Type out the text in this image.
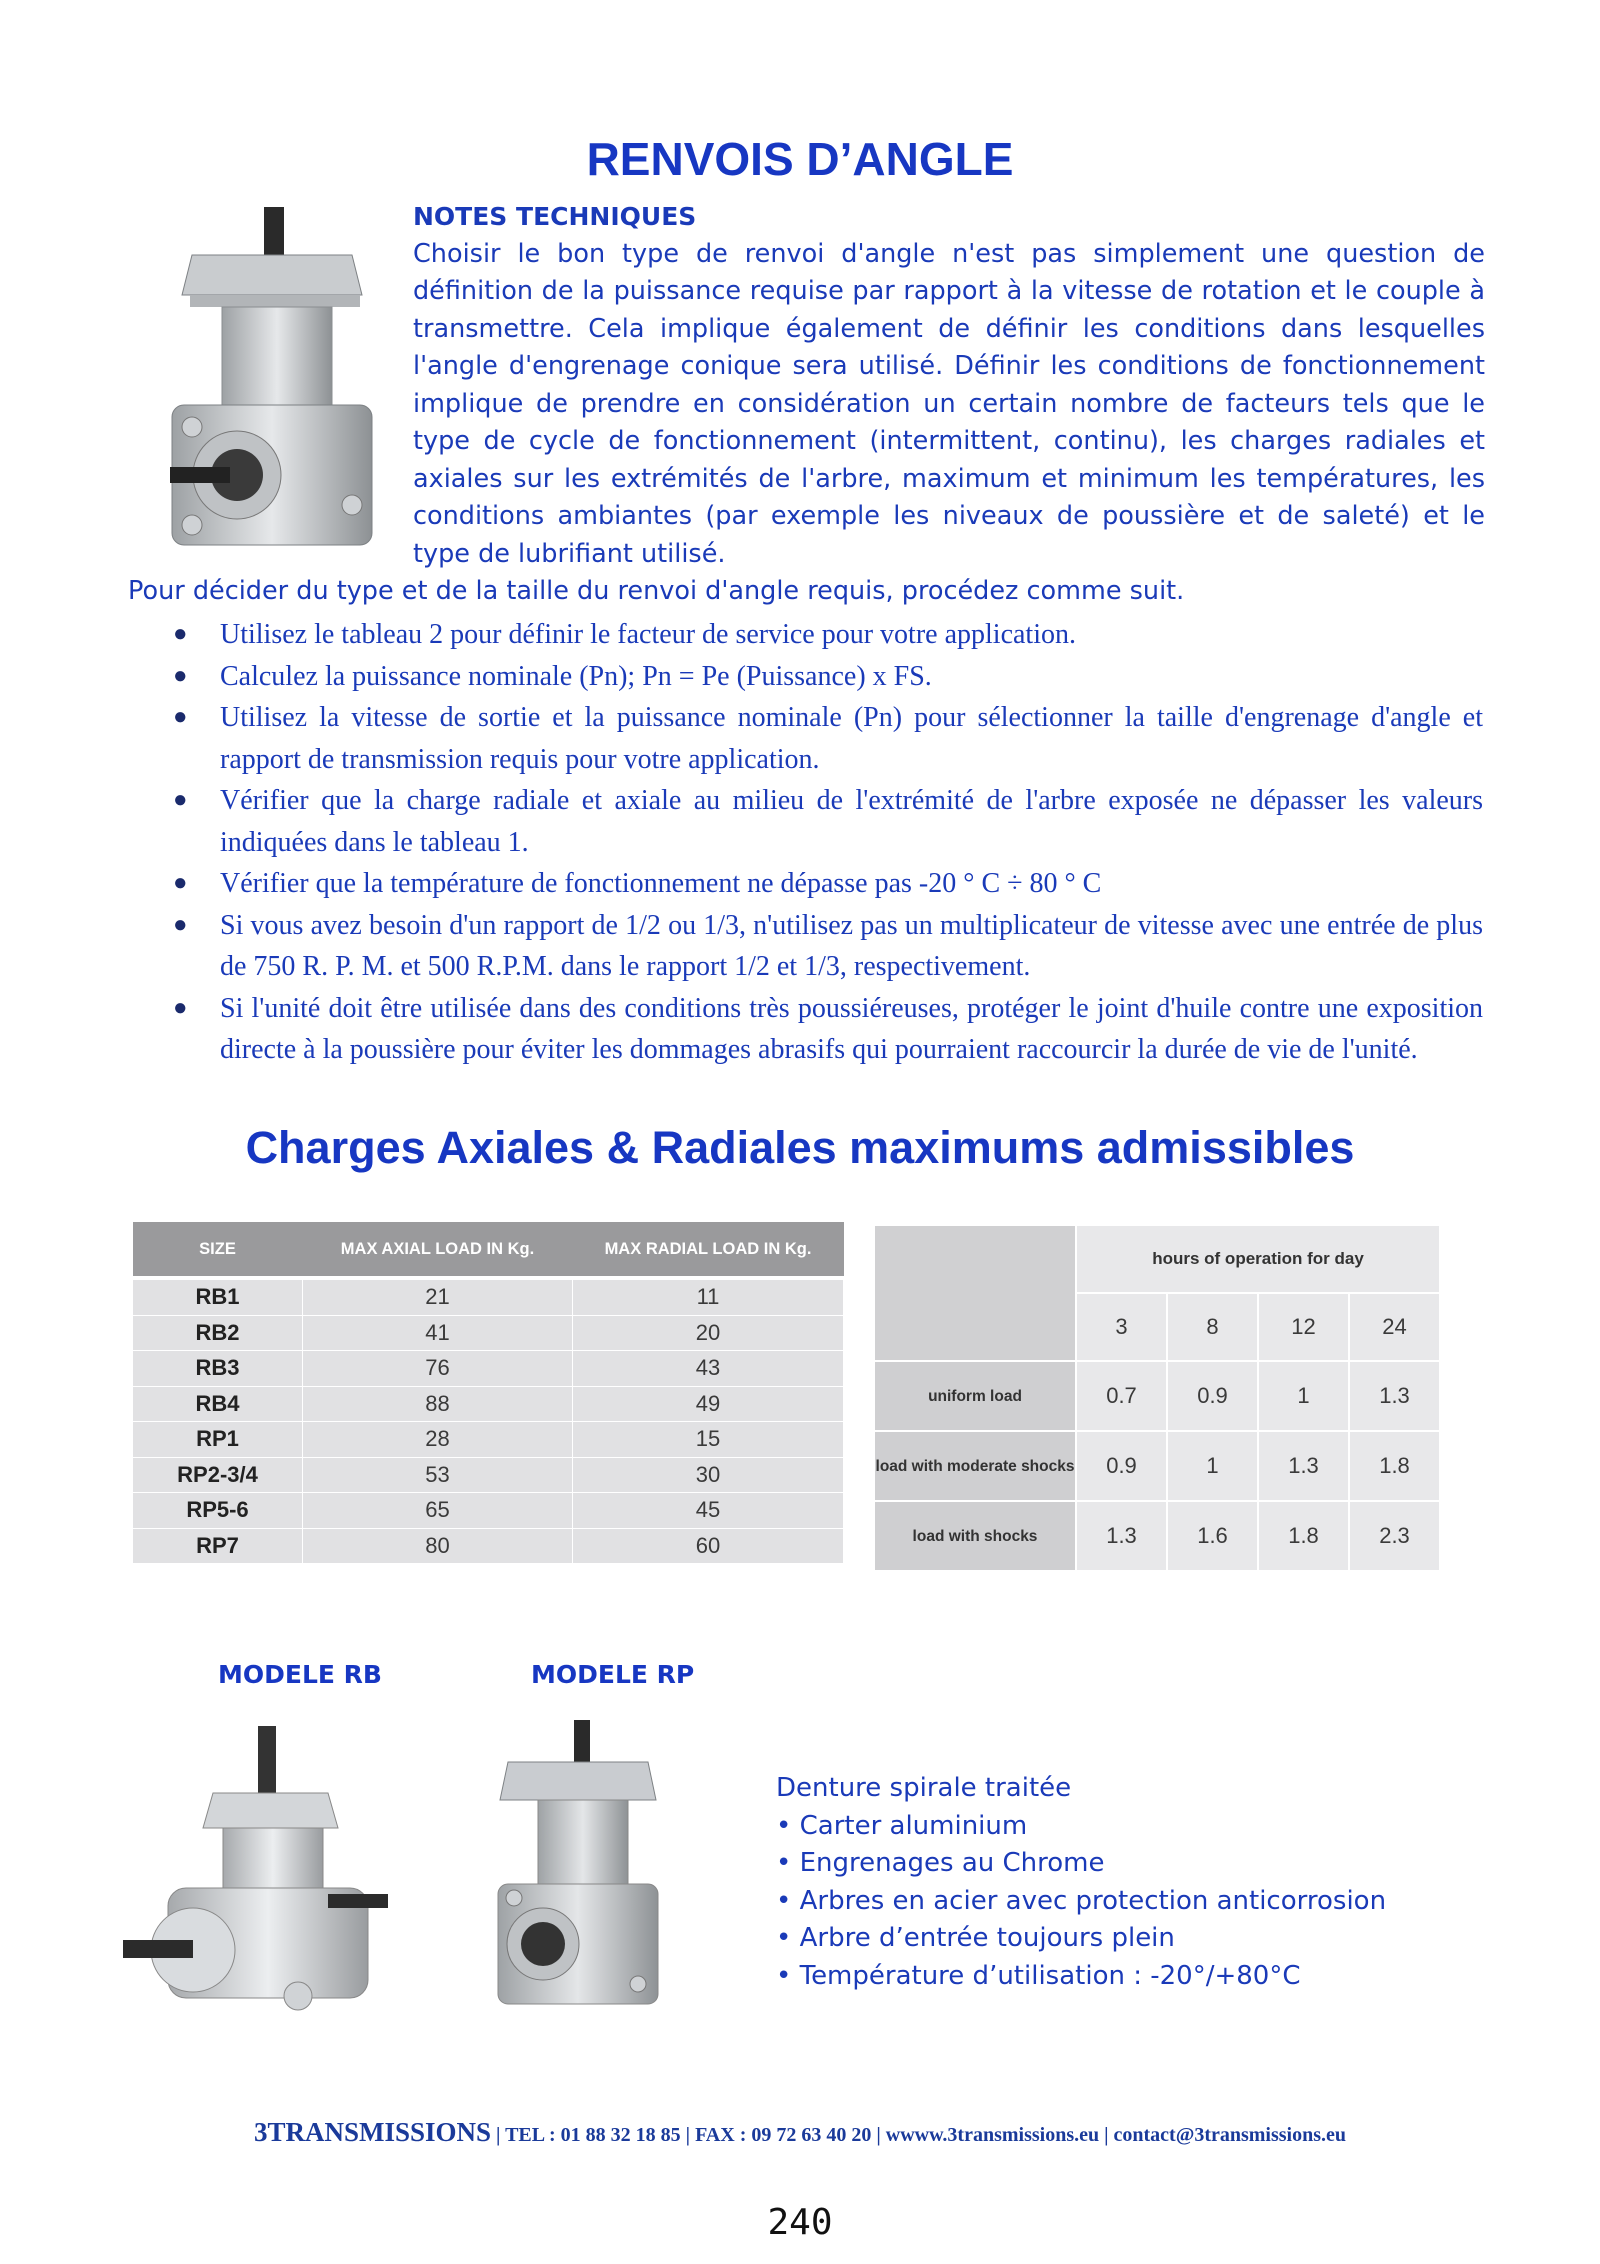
RENVOIS D’ANGLE
NOTES TECHNIQUES
Choisir le bon type de renvoi d'angle n'est pas simplement une question de définition de la puissance requise par rapport à la vitesse de rotation et le couple à transmettre. Cela implique également de définir les conditions dans lesquelles l'angle d'engrenage conique sera utilisé. Définir les conditions de fonctionnement implique de prendre en considération un certain nombre de facteurs tels que le type de cycle de fonctionnement (intermittent, continu), les charges radiales et axiales sur les extrémités de l'arbre, maximum et minimum les températures, les conditions ambiantes (par exemple les niveaux de poussière et de saleté) et le type de lubrifiant utilisé.
Pour décider du type et de la taille du renvoi d'angle requis, procédez comme suit.
● Utilisez le tableau 2 pour définir le facteur de service pour votre application.
● Calculez la puissance nominale (Pn); Pn = Pe (Puissance) x FS.
● Utilisez la vitesse de sortie et la puissance nominale (Pn) pour sélectionner la taille d'engrenage d'angle et rapport de transmission requis pour votre application.
● Vérifier que la charge radiale et axiale au milieu de l'extrémité de l'arbre exposée ne dépasser les valeurs indiquées dans le tableau 1.
● Vérifier que la température de fonctionnement ne dépasse pas -20 ° C ÷ 80 ° C
● Si vous avez besoin d'un rapport de 1/2 ou 1/3, n'utilisez pas un multiplicateur de vitesse avec une entrée de plus de 750 R. P. M. et 500 R.P.M. dans le rapport 1/2 et 1/3, respectivement.
● Si l'unité doit être utilisée dans des conditions très poussiéreuses, protéger le joint d'huile contre une exposition directe à la poussière pour éviter les dommages abrasifs qui pourraient raccourcir la durée de vie de l'unité.
Charges Axiales & Radiales maximums admissibles
SIZE	MAX AXIAL LOAD IN Kg.	MAX RADIAL LOAD IN Kg.
RB1	21	11
RB2	41	20
RB3	76	43
RB4	88	49
RP1	28	15
RP2-3/4	53	30
RP5-6	65	45
RP7	80	60
	hours of operation for day			
	3	8	12	24
uniform load	0.7	0.9	1	1.3
load with moderate shocks	0.9	1	1.3	1.8
load with shocks	1.3	1.6	1.8	2.3
MODELE RB	MODELE RP
Denture spirale traitée
• Carter aluminium
• Engrenages au Chrome
• Arbres en acier avec protection anticorrosion
• Arbre d’entrée toujours plein
• Température d’utilisation : -20°/+80°C
3TRANSMISSIONS | TEL : 01 88 32 18 85 | FAX : 09 72 63 40 20 | wwww.3transmissions.eu | contact@3transmissions.eu
240
